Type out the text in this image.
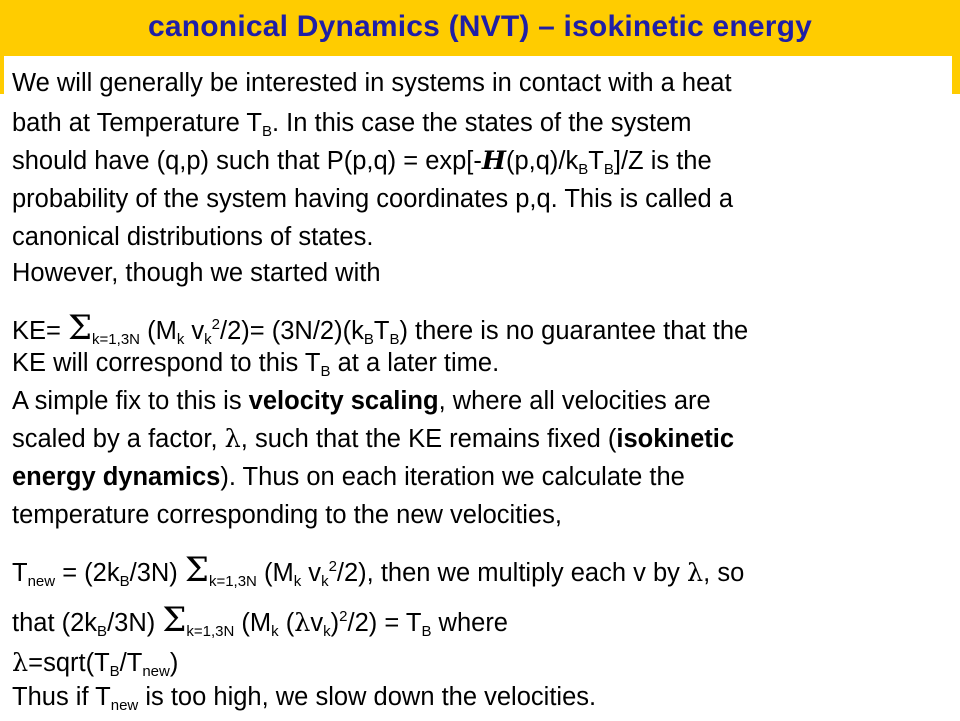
canonical Dynamics (NVT) – isokinetic energy
We will generally be interested in systems in contact with a heat
bath at Temperature $T_B$. In this case the states of the system
should have (q,p) such that $P(p,q) = \exp[-H(p,q)/k_BT_B]/Z$ is the
probability of the system having coordinates p,q. This is called a
canonical distributions of states.
However, though we started with
$KE= \Sigma_{k=1,3N}$ ($M_k$ $v_k^2/2)= (3N/2)(k_BT_B)$ there is no guarantee that the
KE will correspond to this $T_B$ at a later time.
A simple fix to this is velocity scaling, where all velocities are
scaled by a factor, λ, such that the KE remains fixed (isokinetic
energy dynamics). Thus on each iteration we calculate the
temperature corresponding to the new velocities,
$T_{new} = (2k_B/3N)$ $\Sigma_{k=1,3N}$ ($M_k$ $v_k^2/2$), then we multiply each v by λ, so
that $(2k_B/3N)$ $\Sigma_{k=1,3N}$ ($M_k$ $(\lambda v_k)^2/2) = T_B$ where
$\lambda=sqrt(T_B/T_{new})$
Thus if $T_{new}$ is too high, we slow down the velocities.
